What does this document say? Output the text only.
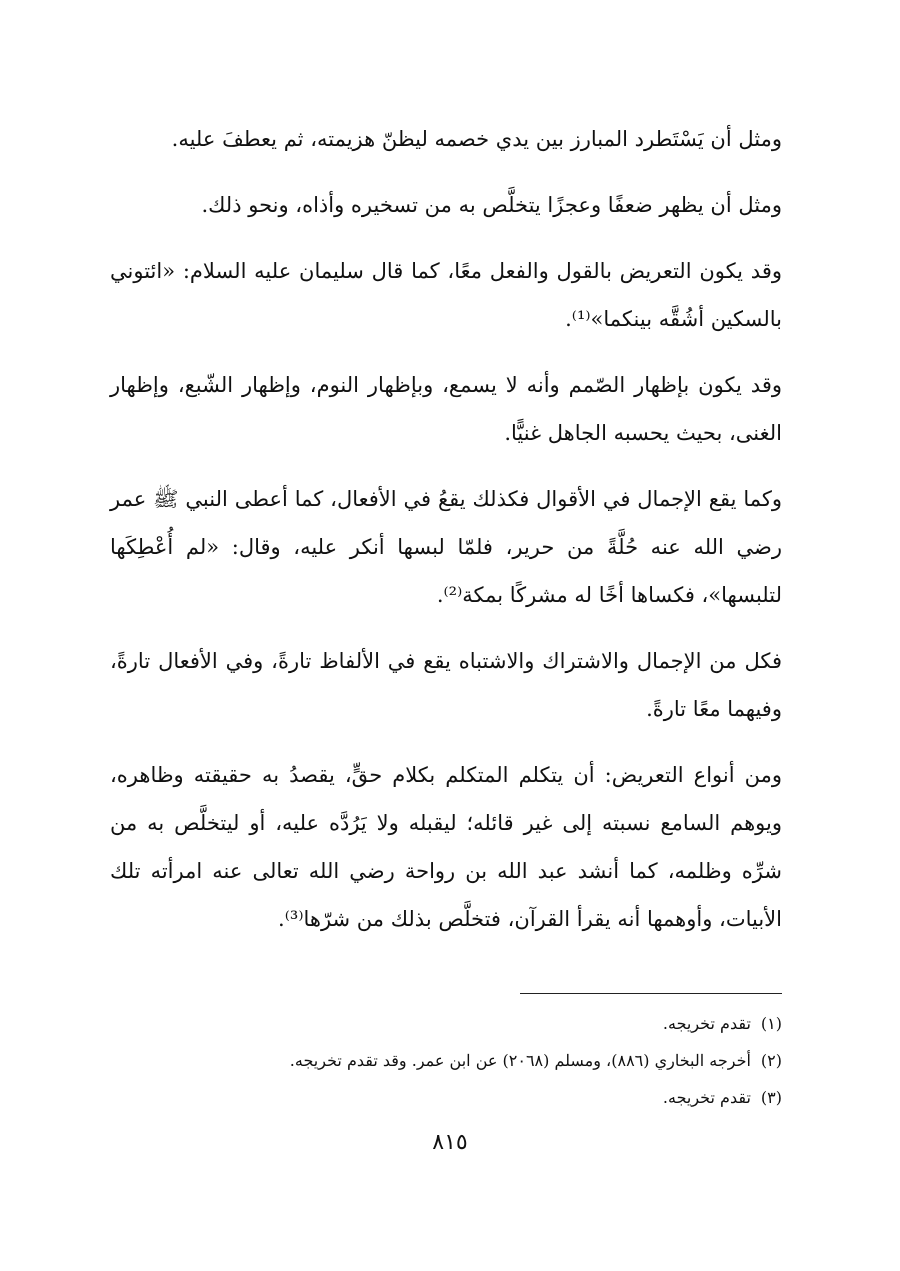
ومثل أن يَسْتَطرد المبارز بين يدي خصمه ليظنّ هزيمته، ثم يعطفَ عليه.

ومثل أن يظهر ضعفًا وعجزًا يتخلَّص به من تسخيره وأذاه، ونحو ذلك.

وقد يكون التعريض بالقول والفعل معًا، كما قال سليمان عليه السلام: «ائتوني بالسكين أشُقَّه بينكما»⁽¹⁾.

وقد يكون بإظهار الصّمم وأنه لا يسمع، وبإظهار النوم، وإظهار الشّبع، وإظهار الغنى، بحيث يحسبه الجاهل غنيًّا.

وكما يقع الإجمال في الأقوال فكذلك يقعُ في الأفعال، كما أعطى النبي ﷺ عمر رضي الله عنه حُلَّةً من حرير، فلمّا لبسها أنكر عليه، وقال: «لم أُعْطِكَها لتلبسها»، فكساها أخًا له مشركًا بمكة⁽²⁾.

فكل من الإجمال والاشتراك والاشتباه يقع في الألفاظ تارةً، وفي الأفعال تارةً، وفيهما معًا تارةً.

ومن أنواع التعريض: أن يتكلم المتكلم بكلام حقٍّ، يقصدُ به حقيقته وظاهره، ويوهم السامع نسبته إلى غير قائله؛ ليقبله ولا يَرُدَّه عليه، أو ليتخلَّص به من شرِّه وظلمه، كما أنشد عبد الله بن رواحة رضي الله تعالى عنه امرأته تلك الأبيات، وأوهمها أنه يقرأ القرآن، فتخلَّص بذلك من شرّها⁽³⁾.

(١)تقدم تخريجه.

(٢)أخرجه البخاري (٨٨٦)، ومسلم (٢٠٦٨) عن ابن عمر. وقد تقدم تخريجه.

(٣)تقدم تخريجه.

٨١٥
